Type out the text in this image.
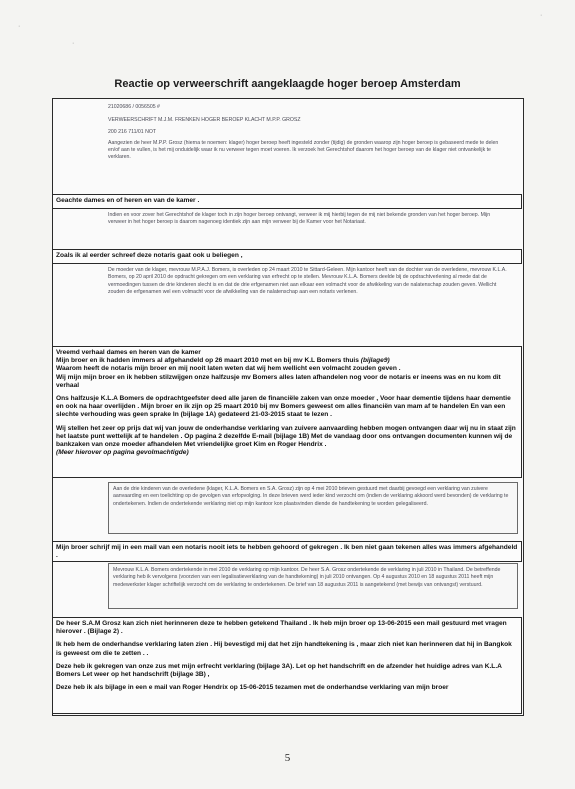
·
·
·
Reactie op verweerschrift aangeklaagde hoger beroep Amsterdam
21020686 / 0056505 #
VERWEERSCHRIFT M.J.M. FRENKEN HOGER BEROEP KLACHT M.P.P. GROSZ
200 216 711/01 NOT
Aangezien de heer M.P.P. Grosz (hierna te noemen: klager) hoger beroep heeft ingesteld zonder (tijdig) de gronden waarop zijn hoger beroep is gebaseerd mede te delen en/of aan te vullen, is het mij onduidelijk waar ik nu verweer tegen moet voeren. Ik verzoek het Gerechtshof daarom het hoger beroep van de klager niet ontvankelijk te verklaren.
Geachte dames en of heren en van de kamer .
Indien en voor zover het Gerechtshof de klager toch in zijn hoger beroep ontvangt, verweer ik mij hierbij tegen de mij niet bekende gronden van het hoger beroep. Mijn verweer in het hoger beroep is daarom nagenoeg identiek zijn aan mijn verweer bij de Kamer voor het Notariaat.
Zoals ik al eerder schreef deze notaris gaat ook u beliegen ,
De moeder van de klager, mevrouw M.P.A.J. Bomers, is overleden op 24 maart 2010 te Sittard-Geleen. Mijn kantoor heeft van de dochter van de overledene, mevrouw K.L.A. Bomers, op 20 april 2010 de opdracht gekregen om een verklaring van erfrecht op te stellen. Mevrouw K.L.A. Bomers deelde bij de opdrachtverlening al mede dat de vermoedingen tussen de drie kinderen slecht is en dat de drie erfgenamen niet aan elkaar een volmacht voor de afwikkeling van de nalatenschap zouden geven. Wellicht zouden de erfgenamen wel een volmacht voor de afwikkeling van de nalatenschap aan een notaris verlenen.

Vreemd verhaal dames en heren van de kamer
Mijn broer en ik hadden immers al afgehandeld op 26 maart 2010 met en bij mv K.L Bomers thuis (bijlage9)
Waarom heeft de notaris mijn broer en mij nooit laten weten dat wij hem wellicht een volmacht zouden geven .
Wij mijn mijn broer en ik hebben stilzwijgen onze halfzusje mv Bomers alles laten afhandelen nog voor de notaris er ineens was en nu kom dit verhaal

Ons halfzusje K.L.A Bomers de opdrachtgeefster deed alle jaren de financiële zaken van onze moeder , Voor haar dementie tijdens haar dementie en ook na haar overlijden . Mijn broer en ik zijn op 25 maart 2010 bij mv Bomers geweest om alles financiën van mam af te handelen En van een slechte verhouding was geen sprake In (bijlage 1A) gedateerd 21-03-2015 staat te lezen .

Wij stellen het zeer op prijs dat wij van jouw de onderhandse verklaring van zuivere aanvaarding hebben mogen ontvangen daar wij nu in staat zijn het laatste punt wettelijk af te handelen . Op pagina 2 dezelfde E-mail (bijlage 1B) Met de vandaag door ons ontvangen documenten kunnen wij de bankzaken van onze moeder afhandelen Met vriendelijke groet Kim en Roger Hendrix .
(Meer hierover op pagina gevolmachtigde)

Aan de drie kinderen van de overledene (klager, K.L.A. Bomers en S.A. Grosz) zijn op 4 mei 2010 brieven gestuurd met daarbij gevoegd een verklaring van zuivere aanvaarding en een toelichting op de gevolgen van erfopvolging. In deze brieven werd ieder kind verzocht om (indien de verklaring akkoord werd bevonden) de verklaring te ondertekenen. Indien de ondertekende verklaring niet op mijn kantoor kon plaatsvinden diende de handtekening te worden gelegaliseerd.
Mijn broer schrijf mij in een mail van een notaris nooit iets te hebben gehoord of gekregen . Ik ben niet gaan tekenen alles was immers afgehandeld .
Mevrouw K.L.A. Bomers ondertekende in mei 2010 de verklaring op mijn kantoor. De heer S.A. Grosz ondertekende de verklaring in juli 2010 in Thailand. De betreffende verklaring heb ik vervolgens (voorzien van een legalisatieverklaring van de handtekening) in juli 2010 ontvangen. Op 4 augustus 2010 en 18 augustus 2011 heeft mijn medewerkster klager schriftelijk verzocht om de verklaring te ondertekenen. De brief van 18 augustus 2011 is aangetekend (met bewijs van ontvangst) verstuurd.

De heer S.A.M Grosz kan zich niet herinneren deze te hebben getekend Thailand . Ik heb mijn broer op 13-06-2015 een mail gestuurd met vragen hierover . (Bijlage 2) .

Ik heb hem de onderhandse verklaring laten zien . Hij bevestigd mij dat het zijn handtekening is , maar zich niet kan herinneren dat hij in Bangkok is geweest om die te zetten . .

Deze heb ik gekregen van onze zus met mijn erfrecht verklaring (bijlage 3A). Let op het handschrift en de afzender het huidige adres van K.L.A Bomers Let weer op het handschrift (bijlage 3B) ,

Deze heb ik als bijlage in een e mail van Roger Hendrix op 15-06-2015 tezamen met de onderhandse verklaring van mijn broer

5
